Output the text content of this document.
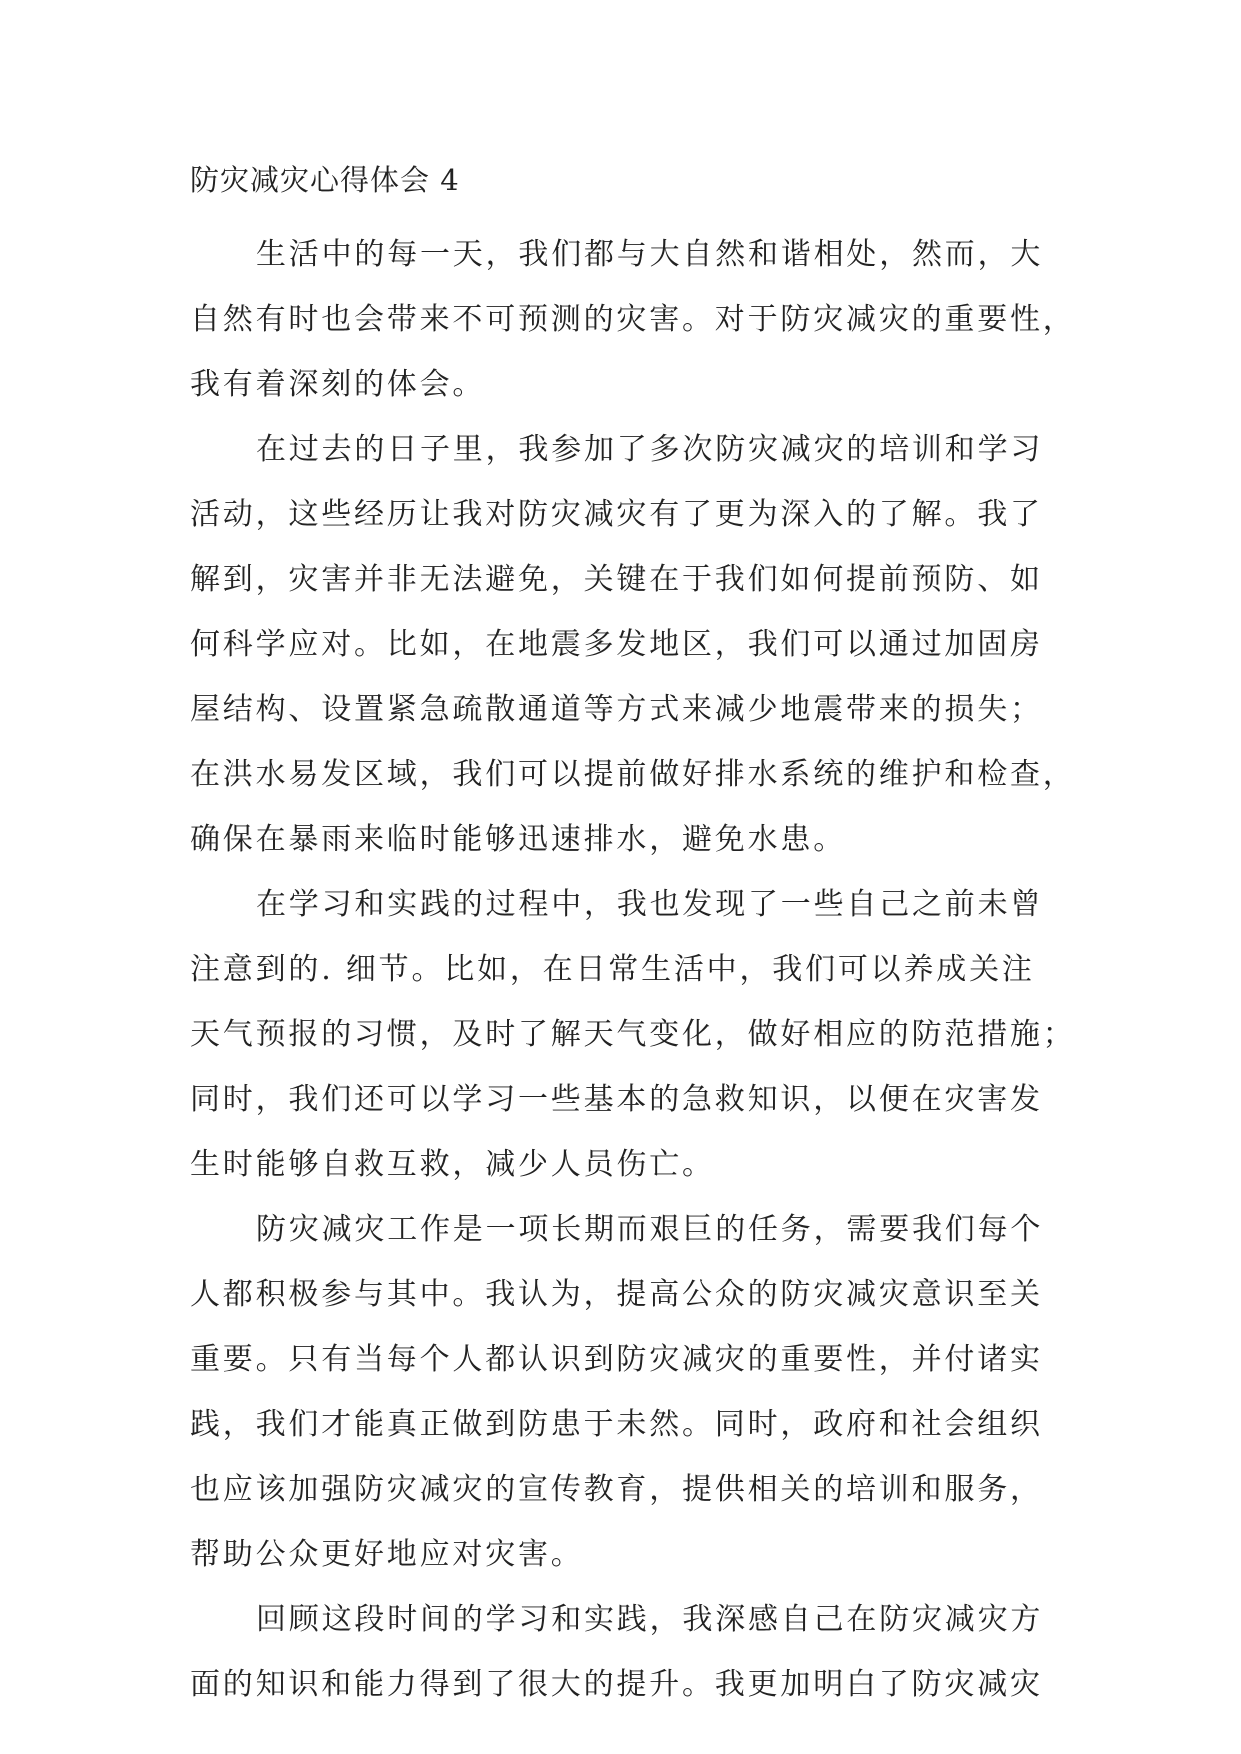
防灾减灾心得体会 4
生活中的每一天，我们都与大自然和谐相处，然而，大
自然有时也会带来不可预测的灾害。对于防灾减灾的重要性，
我有着深刻的体会。
在过去的日子里，我参加了多次防灾减灾的培训和学习
活动，这些经历让我对防灾减灾有了更为深入的了解。我了
解到，灾害并非无法避免，关键在于我们如何提前预防、如
何科学应对。比如，在地震多发地区，我们可以通过加固房
屋结构、设置紧急疏散通道等方式来减少地震带来的损失；
在洪水易发区域，我们可以提前做好排水系统的维护和检查，
确保在暴雨来临时能够迅速排水，避免水患。
在学习和实践的过程中，我也发现了一些自己之前未曾
注意到的. 细节。比如，在日常生活中，我们可以养成关注
天气预报的习惯，及时了解天气变化，做好相应的防范措施；
同时，我们还可以学习一些基本的急救知识，以便在灾害发
生时能够自救互救，减少人员伤亡。
防灾减灾工作是一项长期而艰巨的任务，需要我们每个
人都积极参与其中。我认为，提高公众的防灾减灾意识至关
重要。只有当每个人都认识到防灾减灾的重要性，并付诸实
践，我们才能真正做到防患于未然。同时，政府和社会组织
也应该加强防灾减灾的宣传教育，提供相关的培训和服务，
帮助公众更好地应对灾害。
回顾这段时间的学习和实践，我深感自己在防灾减灾方
面的知识和能力得到了很大的提升。我更加明白了防灾减灾
